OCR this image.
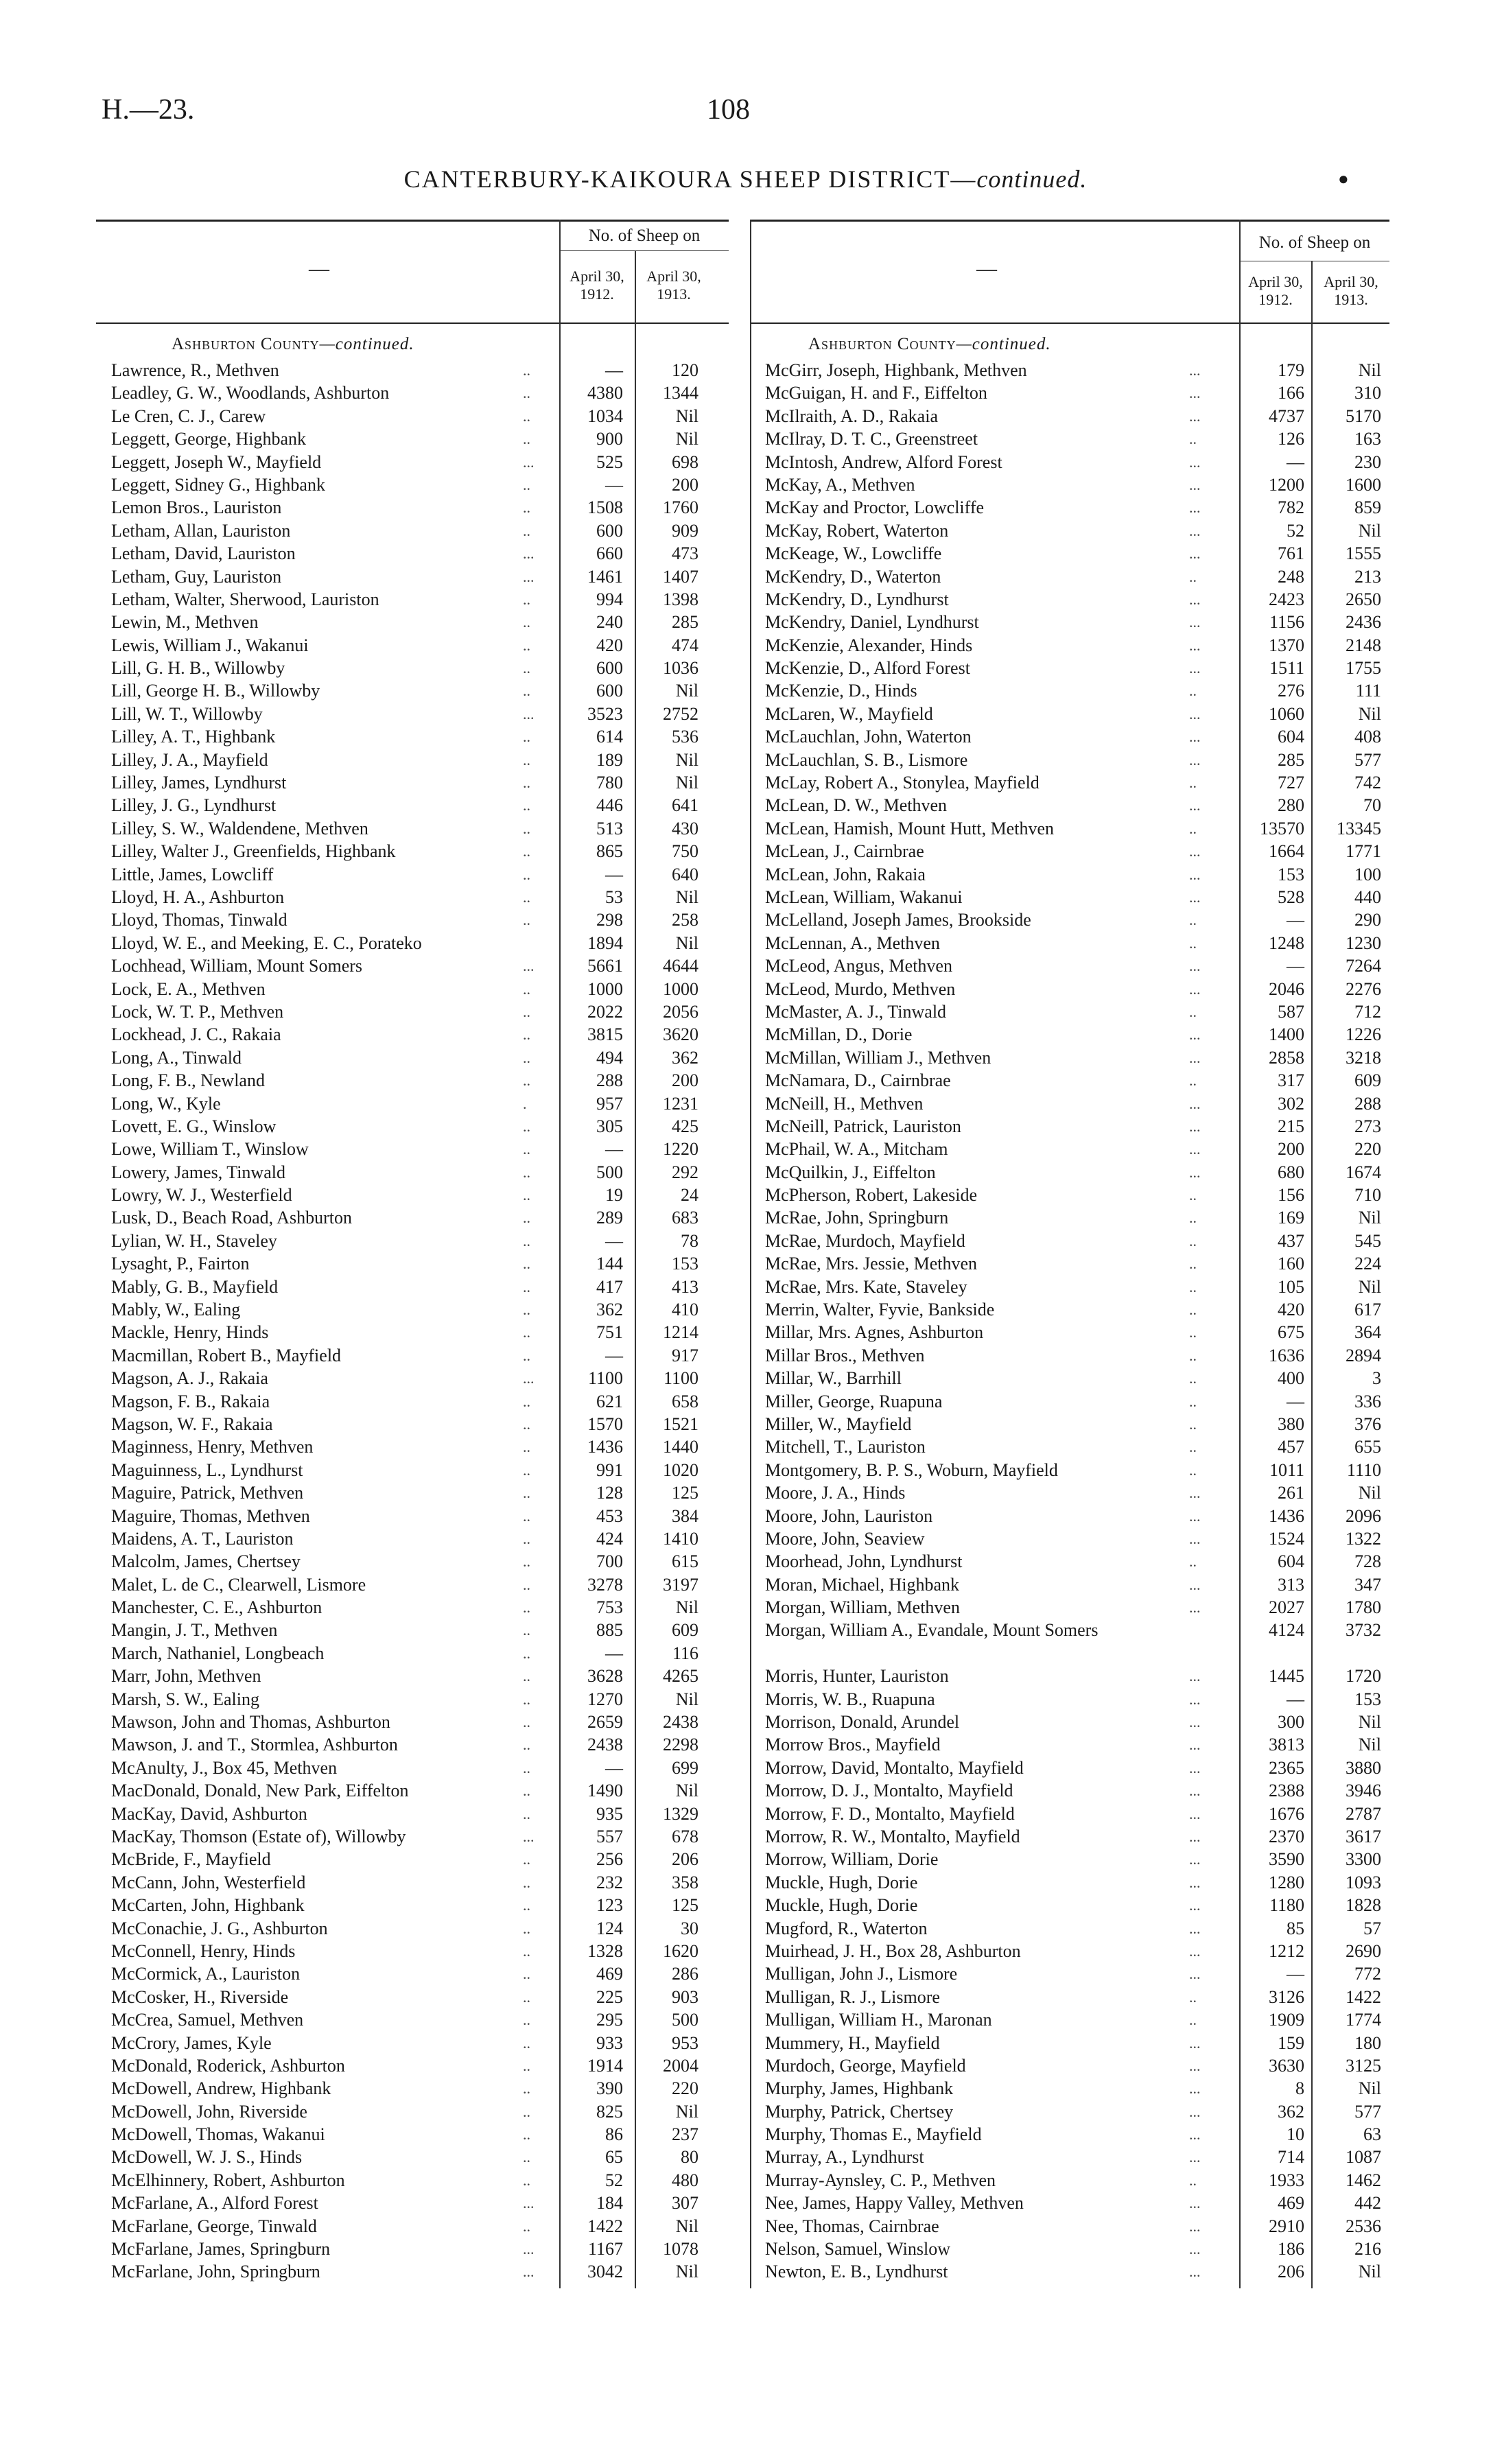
H.—23.	108
CANTERBURY-KAIKOURA SHEEP DISTRICT—continued.	●
—
No. of Sheep on
April 30,
1912.
April 30,
1913.
Ashburton County—continued.
Lawrence, R., Methven	..	—	120
Leadley, G. W., Woodlands, Ashburton	..	4380	1344
Le Cren, C. J., Carew	..	1034	Nil
Leggett, George, Highbank	..	900	Nil
Leggett, Joseph W., Mayfield	...	525	698
Leggett, Sidney G., Highbank	..	—	200
Lemon Bros., Lauriston	..	1508	1760
Letham, Allan, Lauriston	..	600	909
Letham, David, Lauriston	...	660	473
Letham, Guy, Lauriston	...	1461	1407
Letham, Walter, Sherwood, Lauriston	..	994	1398
Lewin, M., Methven	..	240	285
Lewis, William J., Wakanui	..	420	474
Lill, G. H. B., Willowby	..	600	1036
Lill, George H. B., Willowby	..	600	Nil
Lill, W. T., Willowby	...	3523	2752
Lilley, A. T., Highbank	..	614	536
Lilley, J. A., Mayfield	..	189	Nil
Lilley, James, Lyndhurst	..	780	Nil
Lilley, J. G., Lyndhurst	..	446	641
Lilley, S. W., Waldendene, Methven	..	513	430
Lilley, Walter J., Greenfields, Highbank	..	865	750
Little, James, Lowcliff	..	—	640
Lloyd, H. A., Ashburton	..	53	Nil
Lloyd, Thomas, Tinwald	..	298	258
Lloyd, W. E., and Meeking, E. C., Porateko	1894	Nil
Lochhead, William, Mount Somers	...	5661	4644
Lock, E. A., Methven	..	1000	1000
Lock, W. T. P., Methven	..	2022	2056
Lockhead, J. C., Rakaia	..	3815	3620
Long, A., Tinwald	..	494	362
Long, F. B., Newland	..	288	200
Long, W., Kyle	.	957	1231
Lovett, E. G., Winslow	..	305	425
Lowe, William T., Winslow	..	—	1220
Lowery, James, Tinwald	..	500	292
Lowry, W. J., Westerfield	..	19	24
Lusk, D., Beach Road, Ashburton	..	289	683
Lylian, W. H., Staveley	..	—	78
Lysaght, P., Fairton	..	144	153
Mably, G. B., Mayfield	..	417	413
Mably, W., Ealing	..	362	410
Mackle, Henry, Hinds	..	751	1214
Macmillan, Robert B., Mayfield	..	—	917
Magson, A. J., Rakaia	...	1100	1100
Magson, F. B., Rakaia	..	621	658
Magson, W. F., Rakaia	..	1570	1521
Maginness, Henry, Methven	..	1436	1440
Maguinness, L., Lyndhurst	..	991	1020
Maguire, Patrick, Methven	..	128	125
Maguire, Thomas, Methven	..	453	384
Maidens, A. T., Lauriston	..	424	1410
Malcolm, James, Chertsey	..	700	615
Malet, L. de C., Clearwell, Lismore	..	3278	3197
Manchester, C. E., Ashburton	..	753	Nil
Mangin, J. T., Methven	..	885	609
March, Nathaniel, Longbeach	..	—	116
Marr, John, Methven	..	3628	4265
Marsh, S. W., Ealing	..	1270	Nil
Mawson, John and Thomas, Ashburton	..	2659	2438
Mawson, J. and T., Stormlea, Ashburton	..	2438	2298
McAnulty, J., Box 45, Methven	..	—	699
MacDonald, Donald, New Park, Eiffelton	..	1490	Nil
MacKay, David, Ashburton	..	935	1329
MacKay, Thomson (Estate of), Willowby	...	557	678
McBride, F., Mayfield	..	256	206
McCann, John, Westerfield	..	232	358
McCarten, John, Highbank	..	123	125
McConachie, J. G., Ashburton	..	124	30
McConnell, Henry, Hinds	..	1328	1620
McCormick, A., Lauriston	..	469	286
McCosker, H., Riverside	..	225	903
McCrea, Samuel, Methven	..	295	500
McCrory, James, Kyle	..	933	953
McDonald, Roderick, Ashburton	..	1914	2004
McDowell, Andrew, Highbank	..	390	220
McDowell, John, Riverside	..	825	Nil
McDowell, Thomas, Wakanui	..	86	237
McDowell, W. J. S., Hinds	..	65	80
McElhinnery, Robert, Ashburton	..	52	480
McFarlane, A., Alford Forest	...	184	307
McFarlane, George, Tinwald	..	1422	Nil
McFarlane, James, Springburn	...	1167	1078
McFarlane, John, Springburn	...	3042	Nil
—
No. of Sheep on
April 30,
1912.
April 30,
1913.
Ashburton County—continued.
McGirr, Joseph, Highbank, Methven	...	179	Nil
McGuigan, H. and F., Eiffelton	...	166	310
McIlraith, A. D., Rakaia	...	4737	5170
McIlray, D. T. C., Greenstreet	..	126	163
McIntosh, Andrew, Alford Forest	...	—	230
McKay, A., Methven	...	1200	1600
McKay and Proctor, Lowcliffe	...	782	859
McKay, Robert, Waterton	...	52	Nil
McKeage, W., Lowcliffe	...	761	1555
McKendry, D., Waterton	..	248	213
McKendry, D., Lyndhurst	...	2423	2650
McKendry, Daniel, Lyndhurst	...	1156	2436
McKenzie, Alexander, Hinds	...	1370	2148
McKenzie, D., Alford Forest	...	1511	1755
McKenzie, D., Hinds	..	276	111
McLaren, W., Mayfield	...	1060	Nil
McLauchlan, John, Waterton	...	604	408
McLauchlan, S. B., Lismore	...	285	577
McLay, Robert A., Stonylea, Mayfield	..	727	742
McLean, D. W., Methven	...	280	70
McLean, Hamish, Mount Hutt, Methven	..	13570	13345
McLean, J., Cairnbrae	...	1664	1771
McLean, John, Rakaia	...	153	100
McLean, William, Wakanui	...	528	440
McLelland, Joseph James, Brookside	..	—	290
McLennan, A., Methven	..	1248	1230
McLeod, Angus, Methven	...	—	7264
McLeod, Murdo, Methven	...	2046	2276
McMaster, A. J., Tinwald	..	587	712
McMillan, D., Dorie	...	1400	1226
McMillan, William J., Methven	...	2858	3218
McNamara, D., Cairnbrae	..	317	609
McNeill, H., Methven	...	302	288
McNeill, Patrick, Lauriston	...	215	273
McPhail, W. A., Mitcham	...	200	220
McQuilkin, J., Eiffelton	...	680	1674
McPherson, Robert, Lakeside	..	156	710
McRae, John, Springburn	..	169	Nil
McRae, Murdoch, Mayfield	..	437	545
McRae, Mrs. Jessie, Methven	..	160	224
McRae, Mrs. Kate, Staveley	..	105	Nil
Merrin, Walter, Fyvie, Bankside	..	420	617
Millar, Mrs. Agnes, Ashburton	..	675	364
Millar Bros., Methven	..	1636	2894
Millar, W., Barrhill	..	400	3
Miller, George, Ruapuna	..	—	336
Miller, W., Mayfield	..	380	376
Mitchell, T., Lauriston	..	457	655
Montgomery, B. P. S., Woburn, Mayfield	..	1011	1110
Moore, J. A., Hinds	...	261	Nil
Moore, John, Lauriston	...	1436	2096
Moore, John, Seaview	...	1524	1322
Moorhead, John, Lyndhurst	..	604	728
Moran, Michael, Highbank	...	313	347
Morgan, William, Methven	...	2027	1780
Morgan, William A., Evandale, Mount Somers	4124	3732
Morris, Hunter, Lauriston	...	1445	1720
Morris, W. B., Ruapuna	...	—	153
Morrison, Donald, Arundel	...	300	Nil
Morrow Bros., Mayfield	...	3813	Nil
Morrow, David, Montalto, Mayfield	...	2365	3880
Morrow, D. J., Montalto, Mayfield	...	2388	3946
Morrow, F. D., Montalto, Mayfield	...	1676	2787
Morrow, R. W., Montalto, Mayfield	...	2370	3617
Morrow, William, Dorie	...	3590	3300
Muckle, Hugh, Dorie	...	1280	1093
Muckle, Hugh, Dorie	...	1180	1828
Mugford, R., Waterton	...	85	57
Muirhead, J. H., Box 28, Ashburton	...	1212	2690
Mulligan, John J., Lismore	...	—	772
Mulligan, R. J., Lismore	..	3126	1422
Mulligan, William H., Maronan	..	1909	1774
Mummery, H., Mayfield	...	159	180
Murdoch, George, Mayfield	...	3630	3125
Murphy, James, Highbank	...	8	Nil
Murphy, Patrick, Chertsey	...	362	577
Murphy, Thomas E., Mayfield	...	10	63
Murray, A., Lyndhurst	...	714	1087
Murray-Aynsley, C. P., Methven	..	1933	1462
Nee, James, Happy Valley, Methven	...	469	442
Nee, Thomas, Cairnbrae	...	2910	2536
Nelson, Samuel, Winslow	...	186	216
Newton, E. B., Lyndhurst	...	206	Nil
